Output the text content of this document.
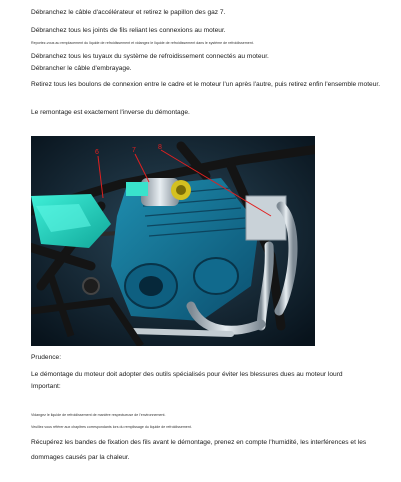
Débranchez le câble d'accélérateur et retirez le papillon des gaz 7.
Débranchez tous les joints de fils reliant les connexions au moteur.
Reportez-vous au remplacement du liquide de refroidissement et vidangez le liquide de refroidissement dans le système de refroidissement.
Débranchez tous les tuyaux du système de refroidissement connectés au moteur.
Débrancher le câble d'embrayage.
Retirez tous les boulons de connexion entre le cadre et le moteur l'un après l'autre, puis retirez enfin l'ensemble moteur.
Le remontage est exactement l'inverse du démontage.
6	7	8
Prudence:
Le démontage du moteur doit adopter des outils spécialisés pour éviter les blessures dues au moteur lourd
Important:
Vidangez le liquide de refroidissement de manière respectueuse de l'environnement.
Veuillez vous référer aux chapitres correspondants lors du remplissage du liquide de refroidissement.
Récupérez les bandes de fixation des fils avant le démontage, prenez en compte l'humidité, les interférences et les
dommages causés par la chaleur.
